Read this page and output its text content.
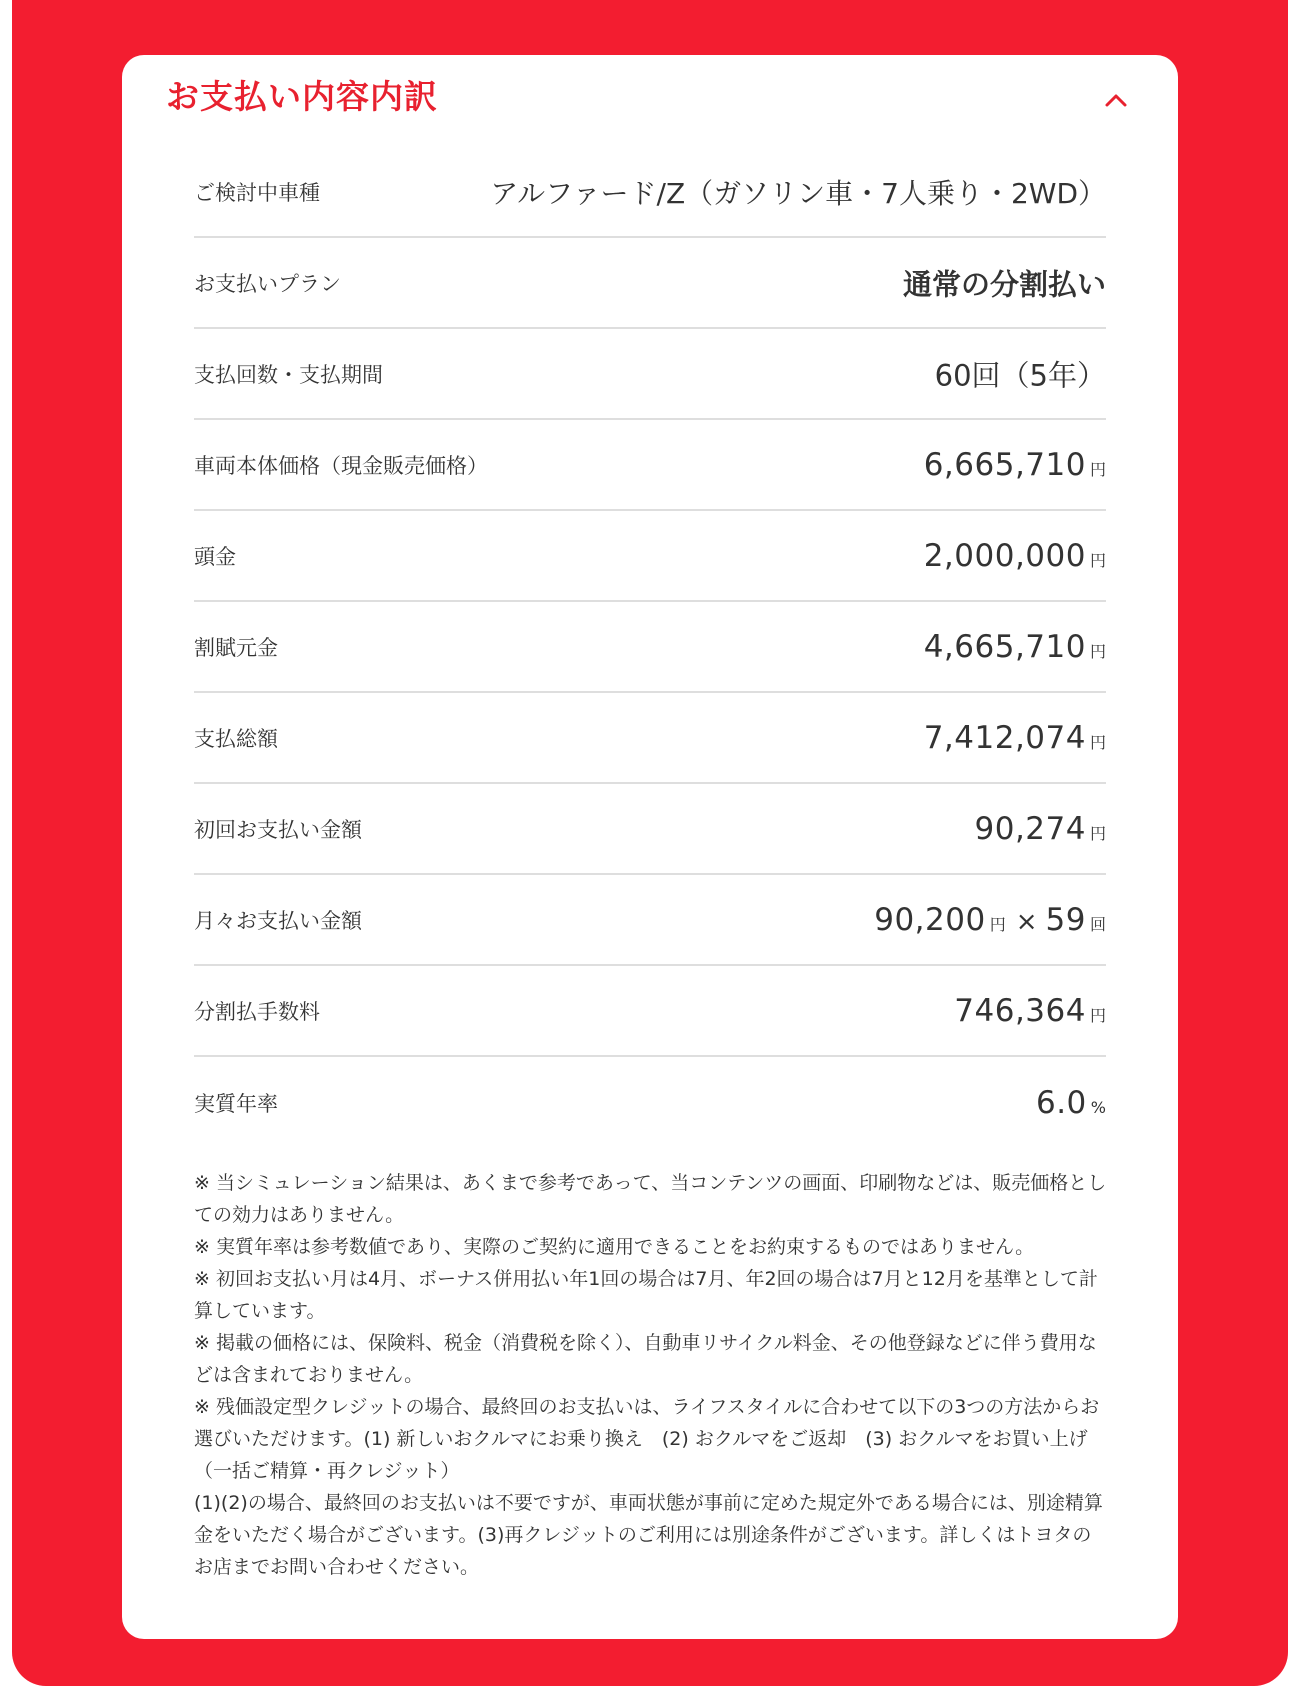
お支払い内容内訳
ご検討中車種	アルファード/Z（ガソリン車・7人乗り・2WD）
お支払いプラン	通常の分割払い
支払回数・支払期間	60回（5年）
車両本体価格（現金販売価格）	6,665,710 円
頭金	2,000,000 円
割賦元金	4,665,710 円
支払総額	7,412,074 円
初回お支払い金額	90,274 円
月々お支払い金額	90,200 円 × 59 回
分割払手数料	746,364 円
実質年率	6.0 %

※ 当シミュレーション結果は、あくまで参考であって、当コンテンツの画面、印刷物などは、販売価格としての効力はありません。

※ 実質年率は参考数値であり、実際のご契約に適用できることをお約束するものではありません。

※ 初回お支払い月は4月、ボーナス併用払い年1回の場合は7月、年2回の場合は7月と12月を基準として計算しています。

※ 掲載の価格には、保険料、税金（消費税を除く）、自動車リサイクル料金、その他登録などに伴う費用などは含まれておりません。

※ 残価設定型クレジットの場合、最終回のお支払いは、ライフスタイルに合わせて以下の3つの方法からお選びいただけます。(1) 新しいおクルマにお乗り換え　(2) おクルマをご返却　(3) おクルマをお買い上げ（一括ご精算・再クレジット）

(1)(2)の場合、最終回のお支払いは不要ですが、車両状態が事前に定めた規定外である場合には、別途精算金をいただく場合がございます。(3)再クレジットのご利用には別途条件がございます。詳しくはトヨタのお店までお問い合わせください。
